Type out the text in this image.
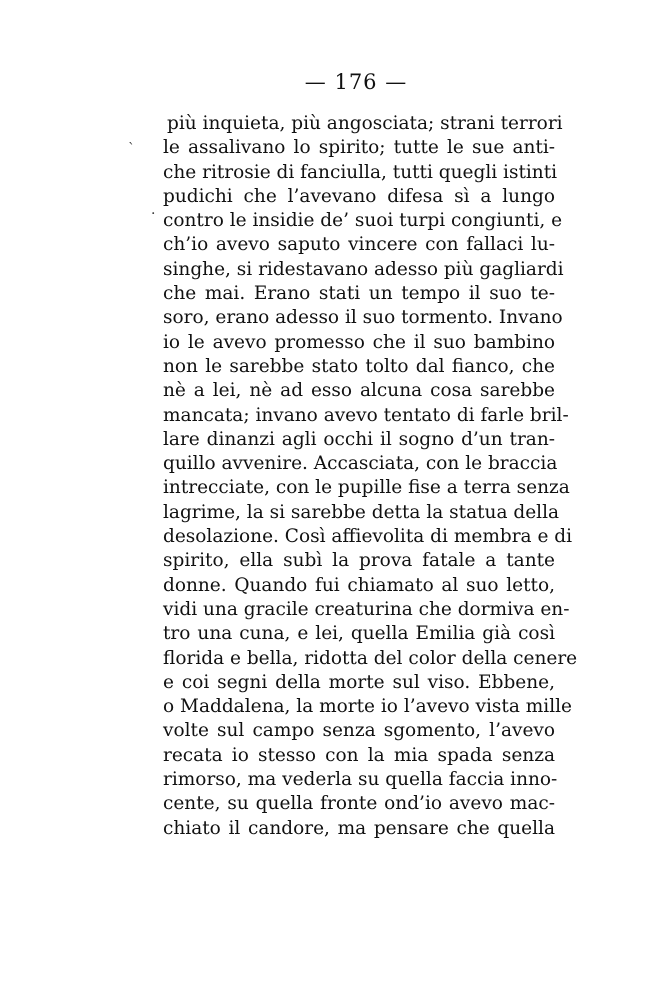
— 176 —
`
·
più inquieta, più angosciata; strani terrori
le assalivano lo spirito; tutte le sue anti-
che ritrosie di fanciulla, tutti quegli istinti
pudichi che l’avevano difesa sì a lungo
contro le insidie de’ suoi turpi congiunti, e
ch’io avevo saputo vincere con fallaci lu-
singhe, si ridestavano adesso più gagliardi
che mai. Erano stati un tempo il suo te-
soro, erano adesso il suo tormento. Invano
io le avevo promesso che il suo bambino
non le sarebbe stato tolto dal fianco, che
nè a lei, nè ad esso alcuna cosa sarebbe
mancata; invano avevo tentato di farle bril-
lare dinanzi agli occhi il sogno d’un tran-
quillo avvenire. Accasciata, con le braccia
intrecciate, con le pupille fise a terra senza
lagrime, la si sarebbe detta la statua della
desolazione. Così affievolita di membra e di
spirito, ella subì la prova fatale a tante
donne. Quando fui chiamato al suo letto,
vidi una gracile creaturina che dormiva en-
tro una cuna, e lei, quella Emilia già così
florida e bella, ridotta del color della cenere
e coi segni della morte sul viso. Ebbene,
o Maddalena, la morte io l’avevo vista mille
volte sul campo senza sgomento, l’avevo
recata io stesso con la mia spada senza
rimorso, ma vederla su quella faccia inno-
cente, su quella fronte ond’io avevo mac-
chiato il candore, ma pensare che quella
